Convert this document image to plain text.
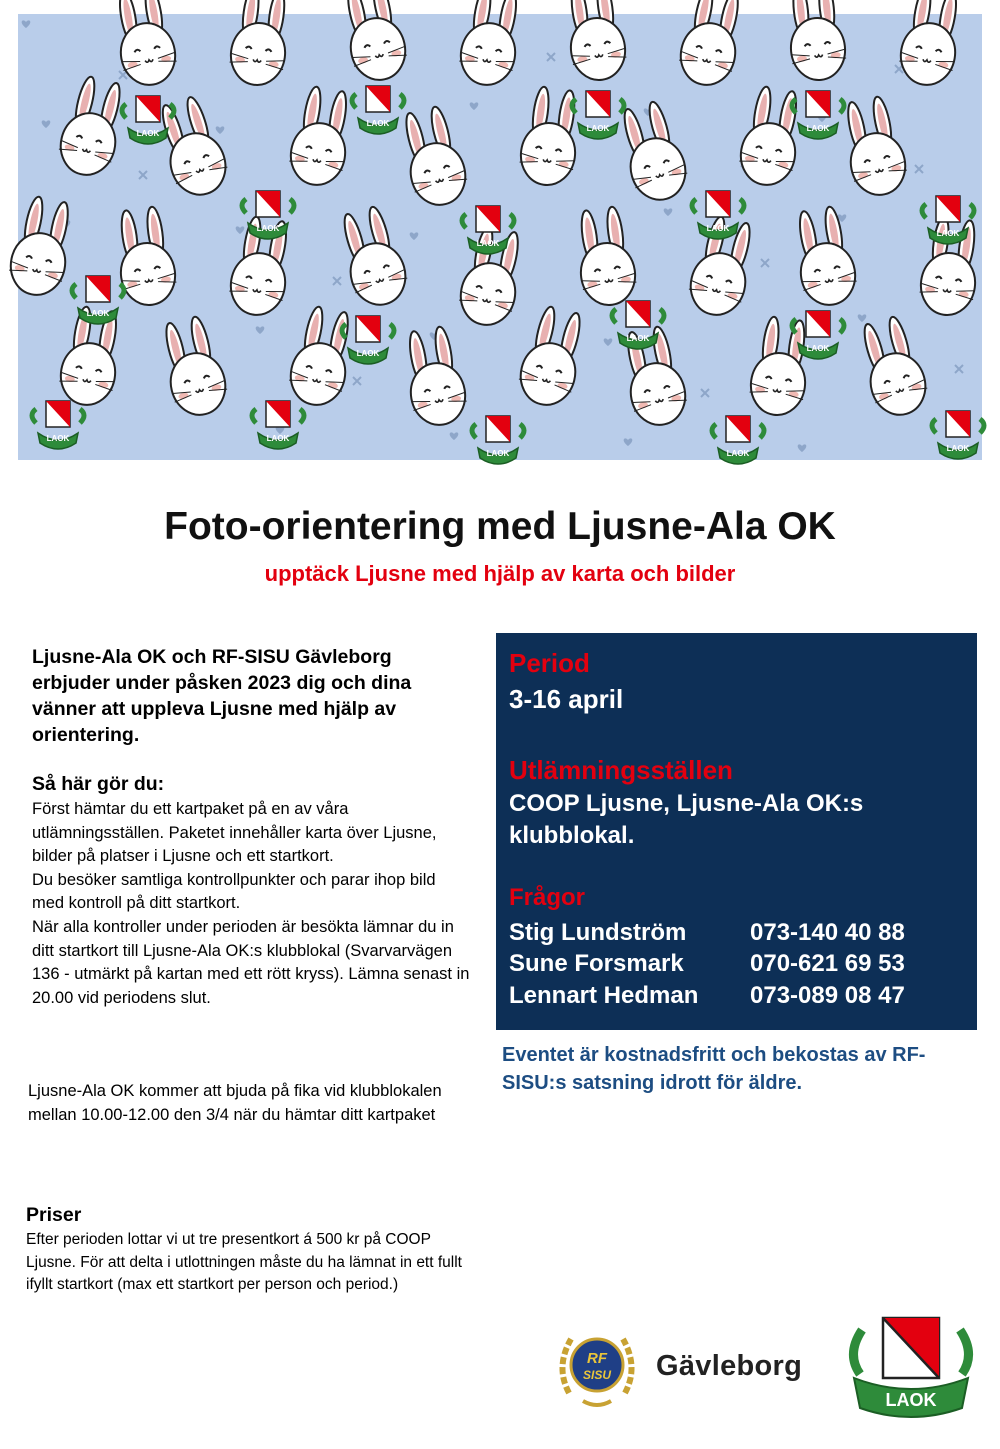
LAOK
Foto-orientering med Ljusne-Ala OK
upptäck Ljusne med hjälp av karta och bilder
Ljusne-Ala OK och RF-SISU Gävleborg erbjuder under påsken 2023 dig och dina vänner att uppleva Ljusne med hjälp av orientering.
Så här gör du:

Först hämtar du ett kartpaket på en av våra utlämningsställen. Paketet innehåller karta över Ljusne, bilder på platser i Ljusne och ett startkort.

Du besöker samtliga kontrollpunkter och parar ihop bild med kontroll på ditt startkort.

När alla kontroller under perioden är besökta lämnar du in ditt startkort till Ljusne-Ala OK:s klubblokal (Svarvarvägen 136 - utmärkt på kartan med ett rött kryss). Lämna senast in 20.00 vid periodens slut.

Ljusne-Ala OK kommer att bjuda på fika vid klubblokalen mellan 10.00-12.00 den 3/4 när du hämtar ditt kartpaket
Priser
Efter perioden lottar vi ut tre presentkort á 500 kr på COOP Ljusne. För att delta i utlottningen måste du ha lämnat in ett fullt ifyllt startkort (max ett startkort per person och period.)
Period
3-16 april
Utlämningsställen
COOP Ljusne, Ljusne-Ala OK:s klubblokal.
Frågor
Stig Lundström	073-140 40 88
Sune Forsmark	070-621 69 53
Lennart Hedman 073-089 08 47
Eventet är kostnadsfritt och bekostas av RF-SISU:s satsning idrott för äldre.
RF
SISU Gävleborg
LAOK
